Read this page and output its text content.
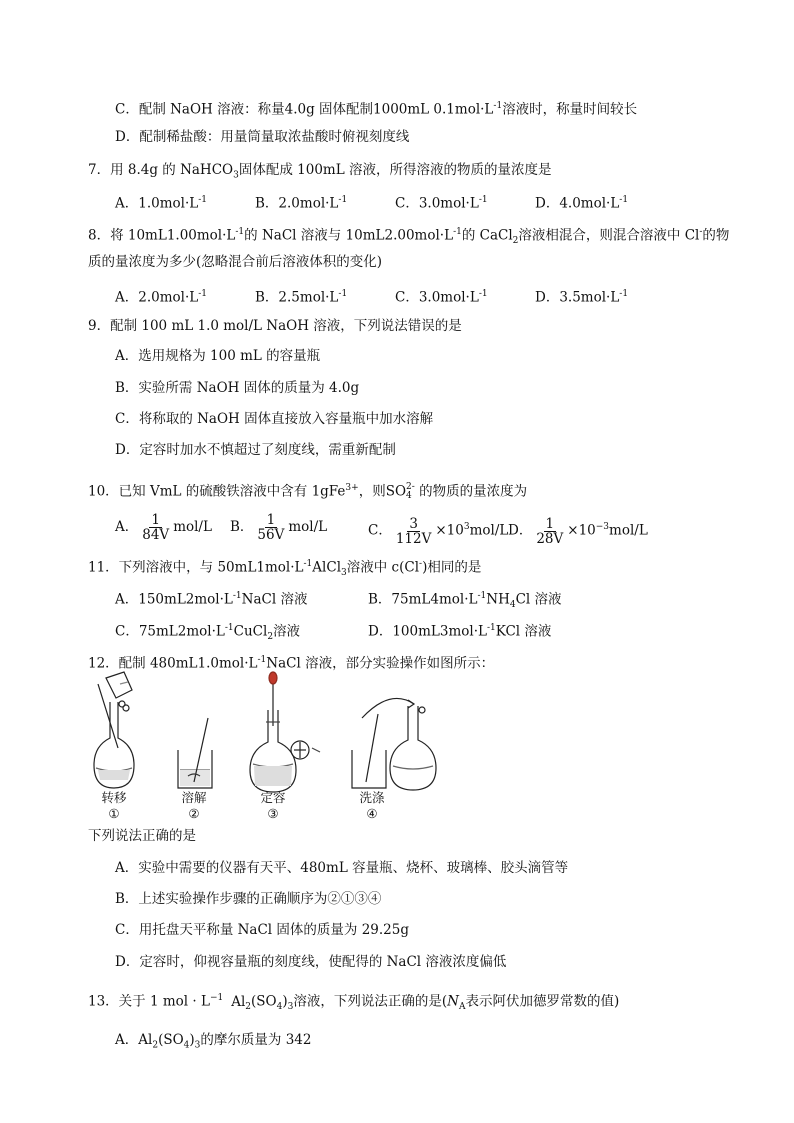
C．配制 NaOH 溶液：称量4.0g 固体配制1000mL $0.1mol\cdot L^{-1}$溶液时，称量时间较长
D．配制稀盐酸：用量筒量取浓盐酸时俯视刻度线
7．用 8.4g 的 NaHCO$_3$固体配成 100mL 溶液，所得溶液的物质的量浓度是
A．$1.0mol\cdot L^{-1}$	B．$2.0mol\cdot L^{-1}$	C．$3.0mol\cdot L^{-1}$	D．$4.0mol\cdot L^{-1}$
8．将 $10mL1.00mol\cdot L^{-1}$的 NaCl 溶液与 $10mL2.00mol\cdot L^{-1}$的 CaCl$_2$溶液相混合，则混合溶液中 Cl-的物
质的量浓度为多少(忽略混合前后溶液体积的变化)
A．$2.0mol\cdot L^{-1}$	B．$2.5mol\cdot L^{-1}$	C．$3.0mol\cdot L^{-1}$	D．$3.5mol\cdot L^{-1}$
9．配制 100 mL 1.0 mol/L NaOH 溶液，下列说法错误的是
A．选用规格为 100 mL 的容量瓶
B．实验所需 NaOH 固体的质量为 4.0g
C．将称取的 NaOH 固体直接放入容量瓶中加水溶解
D．定容时加水不慎超过了刻度线，需重新配制
10．已知 VmL 的硫酸铁溶液中含有 1gFe$^{3+}$，则SO 2-
4 的物质的量浓度为
A． $\frac{1}{84V} mol/L$ B． $\frac{1}{56V} mol/L$	C． $\frac{3}{112V} \times 10^3mol/L$ D． $\frac{1}{28V} \times 10^{-3}mol/L$
11．下列溶液中，与 $50mL1mol\cdot L^{-1}AlCl_3$溶液中 c(Cl-)相同的是
A．$150mL2mol\cdot L^{-1}NaCl$ 溶液	B．$75mL4mol\cdot L^{-1}NH_4Cl$ 溶液
C．$75mL2mol\cdot L^{-1}CuCl_2$溶液	D．$100mL3mol\cdot L^{-1}KCl$ 溶液
12．配制 $480mL1.0mol\cdot L^{-1}NaCl$ 溶液，部分实验操作如图所示：
转移
①
溶解
②
定容
③
洗涤
④
下列说法正确的是
A．实验中需要的仪器有天平、480mL 容量瓶、烧杯、玻璃棒、胶头滴管等
B．上述实验操作步骤的正确顺序为②①③④
C．用托盘天平称量 NaCl 固体的质量为 29.25g
D．定容时，仰视容量瓶的刻度线，使配得的 NaCl 溶液浓度偏低
13．关于 1 mol · $L^{-1}$ $Al_2(SO_4)_3$溶液，下列说法正确的是($N_A$表示阿伏加德罗常数的值)
A．$Al_2(SO_4)_3$的摩尔质量为 342
